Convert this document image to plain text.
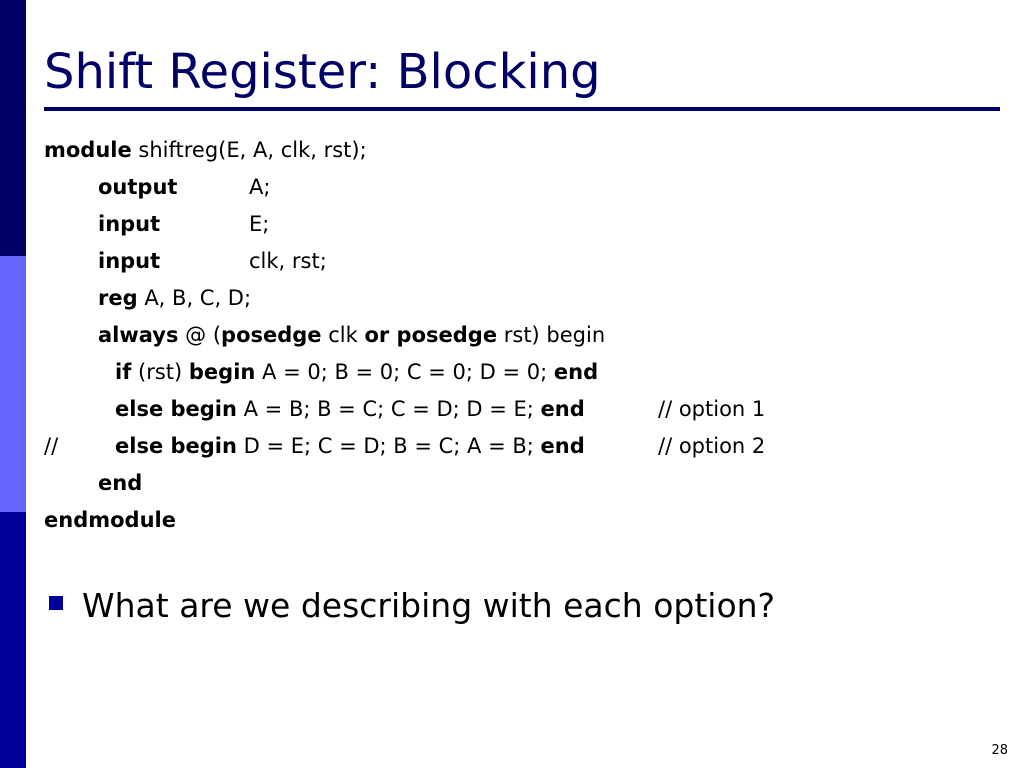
Shift Register: Blocking
module shiftreg(E, A, clk, rst);
output	A;
input	E;
input	clk, rst;
reg A, B, C, D;
always @ (posedge clk or posedge rst) begin
if (rst) begin A = 0; B = 0; C = 0; D = 0; end
else begin A = B; B = C; C = D; D = E; end	// option 1
//	else begin D = E; C = D; B = C; A = B; end	// option 2
end
endmodule
What are we describing with each option?
28
